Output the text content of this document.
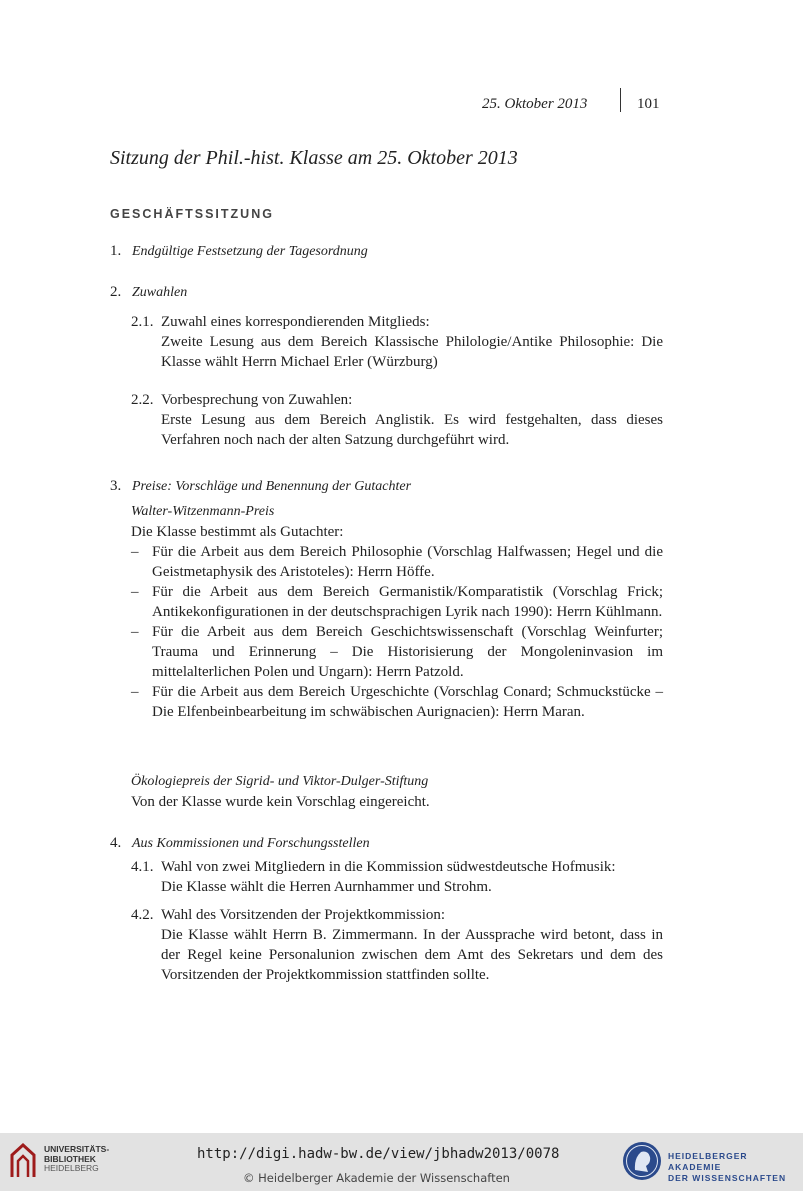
25. Oktober 2013	101
Sitzung der Phil.-hist. Klasse am 25. Oktober 2013
GESCHÄFTSSITZUNG
1. Endgültige Festsetzung der Tagesordnung
2. Zuwahlen
2.1. Zuwahl eines korrespondierenden Mitglieds:
Zweite Lesung aus dem Bereich Klassische Philologie/Antike Philosophie: Die Klasse wählt Herrn Michael Erler (Würzburg)
2.2. Vorbesprechung von Zuwahlen:
Erste Lesung aus dem Bereich Anglistik. Es wird festgehalten, dass dieses Verfahren noch nach der alten Satzung durchgeführt wird.
3. Preise: Vorschläge und Benennung der Gutachter
Walter-Witzenmann-Preis
Die Klasse bestimmt als Gutachter:
– Für die Arbeit aus dem Bereich Philosophie (Vorschlag Halfwassen; Hegel und die Geistmetaphysik des Aristoteles): Herrn Höffe.
– Für die Arbeit aus dem Bereich Germanistik/Komparatistik (Vorschlag Frick; Antikekonfigurationen in der deutschsprachigen Lyrik nach 1990): Herrn Kühlmann.
– Für die Arbeit aus dem Bereich Geschichtswissenschaft (Vorschlag Weinfurter; Trauma und Erinnerung – Die Historisierung der Mongoleninvasion im mittelalterlichen Polen und Ungarn): Herrn Patzold.
– Für die Arbeit aus dem Bereich Urgeschichte (Vorschlag Conard; Schmuckstücke – Die Elfenbeinbearbeitung im schwäbischen Aurignacien): Herrn Maran.
Ökologiepreis der Sigrid- und Viktor-Dulger-Stiftung
Von der Klasse wurde kein Vorschlag eingereicht.
4. Aus Kommissionen und Forschungsstellen
4.1. Wahl von zwei Mitgliedern in die Kommission südwestdeutsche Hofmusik:
Die Klasse wählt die Herren Aurnhammer und Strohm.
4.2. Wahl des Vorsitzenden der Projektkommission:
Die Klasse wählt Herrn B. Zimmermann. In der Aussprache wird betont, dass in der Regel keine Personalunion zwischen dem Amt des Sekretars und dem des Vorsitzenden der Projektkommission stattfinden sollte.
UNIVERSITÄTS-
BIBLIOTHEK
HEIDELBERG
http://digi.hadw-bw.de/view/jbhadw2013/0078
© Heidelberger Akademie der Wissenschaften
HEIDELBERGER AKADEMIE
DER WISSENSCHAFTEN
